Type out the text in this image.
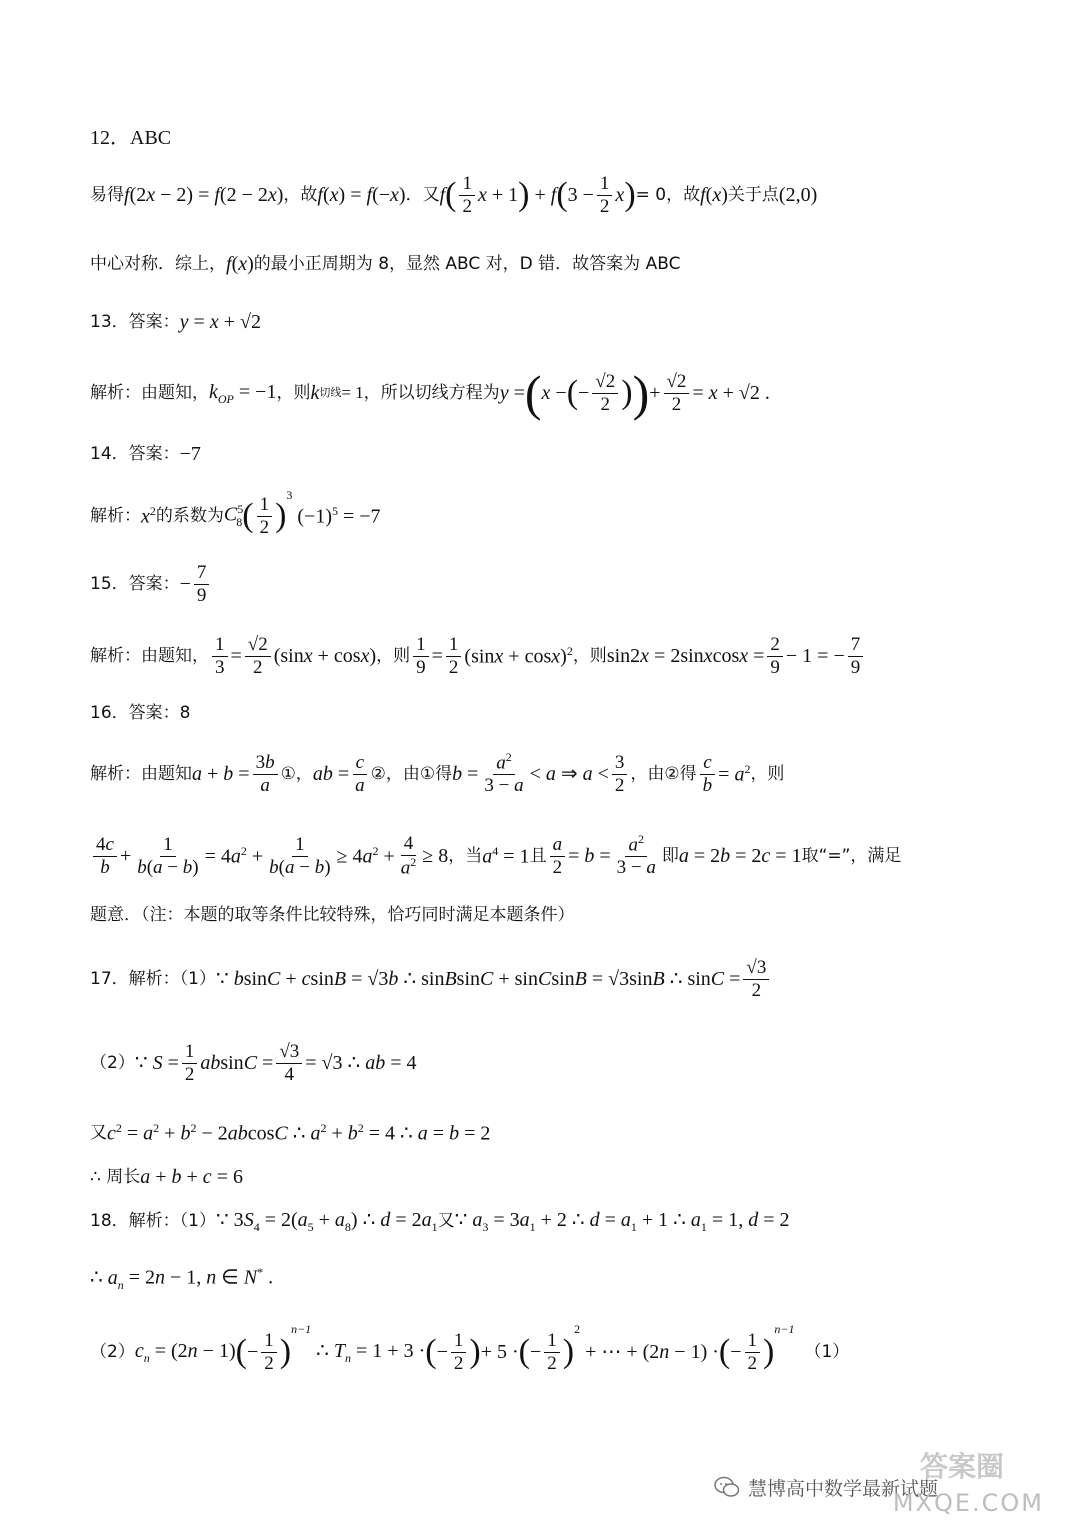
12．ABC
易得 f(2x − 2) = f(2 − 2x) ，故 f(x) = f(−x) ．又 f ( $\frac{1}{2}$ x + 1 ) + f ( $3 - \frac{1}{2}$ x ) = 0，故 f(x) 关于点 (2,0)
中心对称．综上， f(x) 的最小正周期为 8，显然 ABC 对，D 错．故答案为 ABC
13．答案： y = x + √2
解析：由题知， $k_{OP} = -1$ ，则 k 切线 = 1，所以切线方程为 y = ( x − ( − $\frac{√2}{2}$ ) ) + $\frac{√2}{2} = x + √2$ .
14．答案： −7
解析： $x^2$ 的系数为 $C^5_8$ ( $\frac{1}{2}$ )
$^3$
$(-1)^5 = -7$
15．答案： − $\frac{7}{9}$
解析：由题知， $\frac{1}{3} = \frac{√2}{2} (\sin x + \cos x)$ ，则 $\frac{1}{9} = \frac{1}{2} (\sin x + \cos x)^2$ ，则 sin2x = 2sinxcosx = $\frac{2}{9} - 1$ = − $\frac{7}{9}$
16．答案：8
解析：由题知 $a + b = \frac{3b}{a}$ ①， ab = $\frac{c}{a}$ ②，由①得 $b = \frac{a^2}{3 - a} < a$ ⇒ $a < \frac{3}{2}$ ，由②得 $\frac{c}{b} = a^2$ ，则
$\frac{4c}{b} + \frac{1}{b(a - b)} = 4a^2 + \frac{1}{b(a - b)} \ge 4a^2 + \frac{4}{a^2} \ge 8$ ，当 $a^4 = 1$ 且 $\frac{a}{2} = b = \frac{a^2}{3 - a}$ 即 a = 2b = 2c = 1 取“=”，满足
题意．（注：本题的取等条件比较特殊，恰巧同时满足本题条件）
17．解析：（1） ∵ bsinC + csinB = √3b ∴ sinBsinC + sinCsinB = √3sinB ∴ $\sin C = \frac{√3}{2}$
（2） ∵ $S = \frac{1}{2}$ $absinC = \frac{√3}{4} = √3$ ∴ ab = 4
又 $c^2 = a^2 + b^2 - 2abcosC$ ∴ $a^2 + b^2 = 4$ ∴ a = b = 2
∴ 周长 a + b + c = 6
18．解析：（1） ∵ $3S_4 = 2(a_5 + a_8)$ ∴ $d = 2a_1$ 又 ∵ $a_3 = 3a_1 + 2$ ∴ $d = a_1 + 1$ ∴ $a_1 = 1$, d = 2
∴ $a_n = 2n - 1$, n ∈ N* .
（2） $c_n = (2n - 1)$ ( − $\frac{1}{2}$ )
$^{n-1}$
∴ $T_n = 1 + 3$ · ( − $\frac{1}{2}$ ) + 5 · ( − $\frac{1}{2}$ )
$^2$
+ ⋯ + (2n − 1) · ( − $\frac{1}{2}$ )
$^{n-1}$
（1）
慧博高中数学最新试题
答案圈
MXQE.COM
